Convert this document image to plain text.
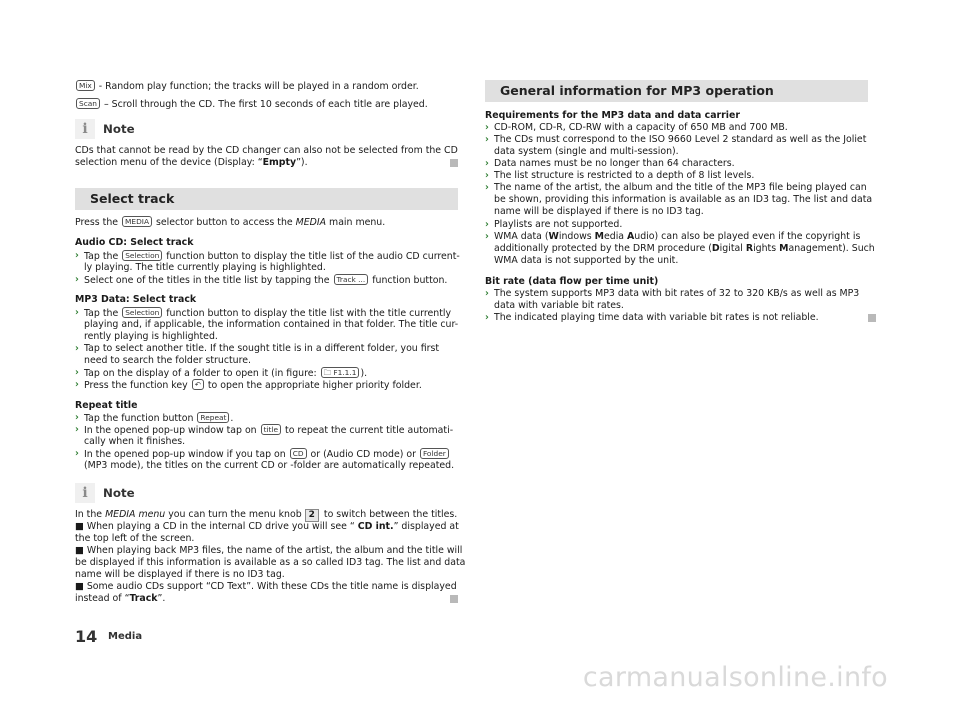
Mix - Random play function; the tracks will be played in a random order.
Scan – Scroll through the CD. The first 10 seconds of each title are played.
i	Note
CDs that cannot be read by the CD changer can also not be selected from the CD
selection menu of the device (Display: “Empty”).
Select track
Press the MEDIA selector button to access the MEDIA main menu.
Audio CD: Select track
› Tap the Selection function button to display the title list of the audio CD current-
ly playing. The title currently playing is highlighted.
› Select one of the titles in the title list by tapping the Track ... function button.
MP3 Data: Select track
› Tap the Selection function button to display the title list with the title currently
playing and, if applicable, the information contained in that folder. The title cur-
rently playing is highlighted.
› Tap to select another title. If the sought title is in a different folder, you first
need to search the folder structure.
› Tap on the display of a folder to open it (in figure: 🗀 F1.1.1 ).
› Press the function key ↶ to open the appropriate higher priority folder.
Repeat title
› Tap the function button Repeat .
› In the opened pop-up window tap on title to repeat the current title automati-
cally when it finishes.
› In the opened pop-up window if you tap on CD or (Audio CD mode) or Folder
(MP3 mode), the titles on the current CD or -folder are automatically repeated.
i	Note
In the MEDIA menu you can turn the menu knob 2 to switch between the titles.
■ When playing a CD in the internal CD drive you will see “ CD int.” displayed at
the top left of the screen.
■ When playing back MP3 files, the name of the artist, the album and the title will
be displayed if this information is available as a so called ID3 tag. The list and data
name will be displayed if there is no ID3 tag.
■ Some audio CDs support “CD Text”. With these CDs the title name is displayed
instead of “Track”.
General information for MP3 operation
Requirements for the MP3 data and data carrier
› CD-ROM, CD-R, CD-RW with a capacity of 650 MB and 700 MB.
› The CDs must correspond to the ISO 9660 Level 2 standard as well as the Joliet
data system (single and multi-session).
› Data names must be no longer than 64 characters.
› The list structure is restricted to a depth of 8 list levels.
› The name of the artist, the album and the title of the MP3 file being played can
be shown, providing this information is available as an ID3 tag. The list and data
name will be displayed if there is no ID3 tag.
› Playlists are not supported.
› WMA data (Windows Media Audio) can also be played even if the copyright is
additionally protected by the DRM procedure (Digital Rights Management). Such
WMA data is not supported by the unit.
Bit rate (data flow per time unit)
› The system supports MP3 data with bit rates of 32 to 320 KB/s as well as MP3
data with variable bit rates.
› The indicated playing time data with variable bit rates is not reliable.
14 Media
carmanualsonline.info
